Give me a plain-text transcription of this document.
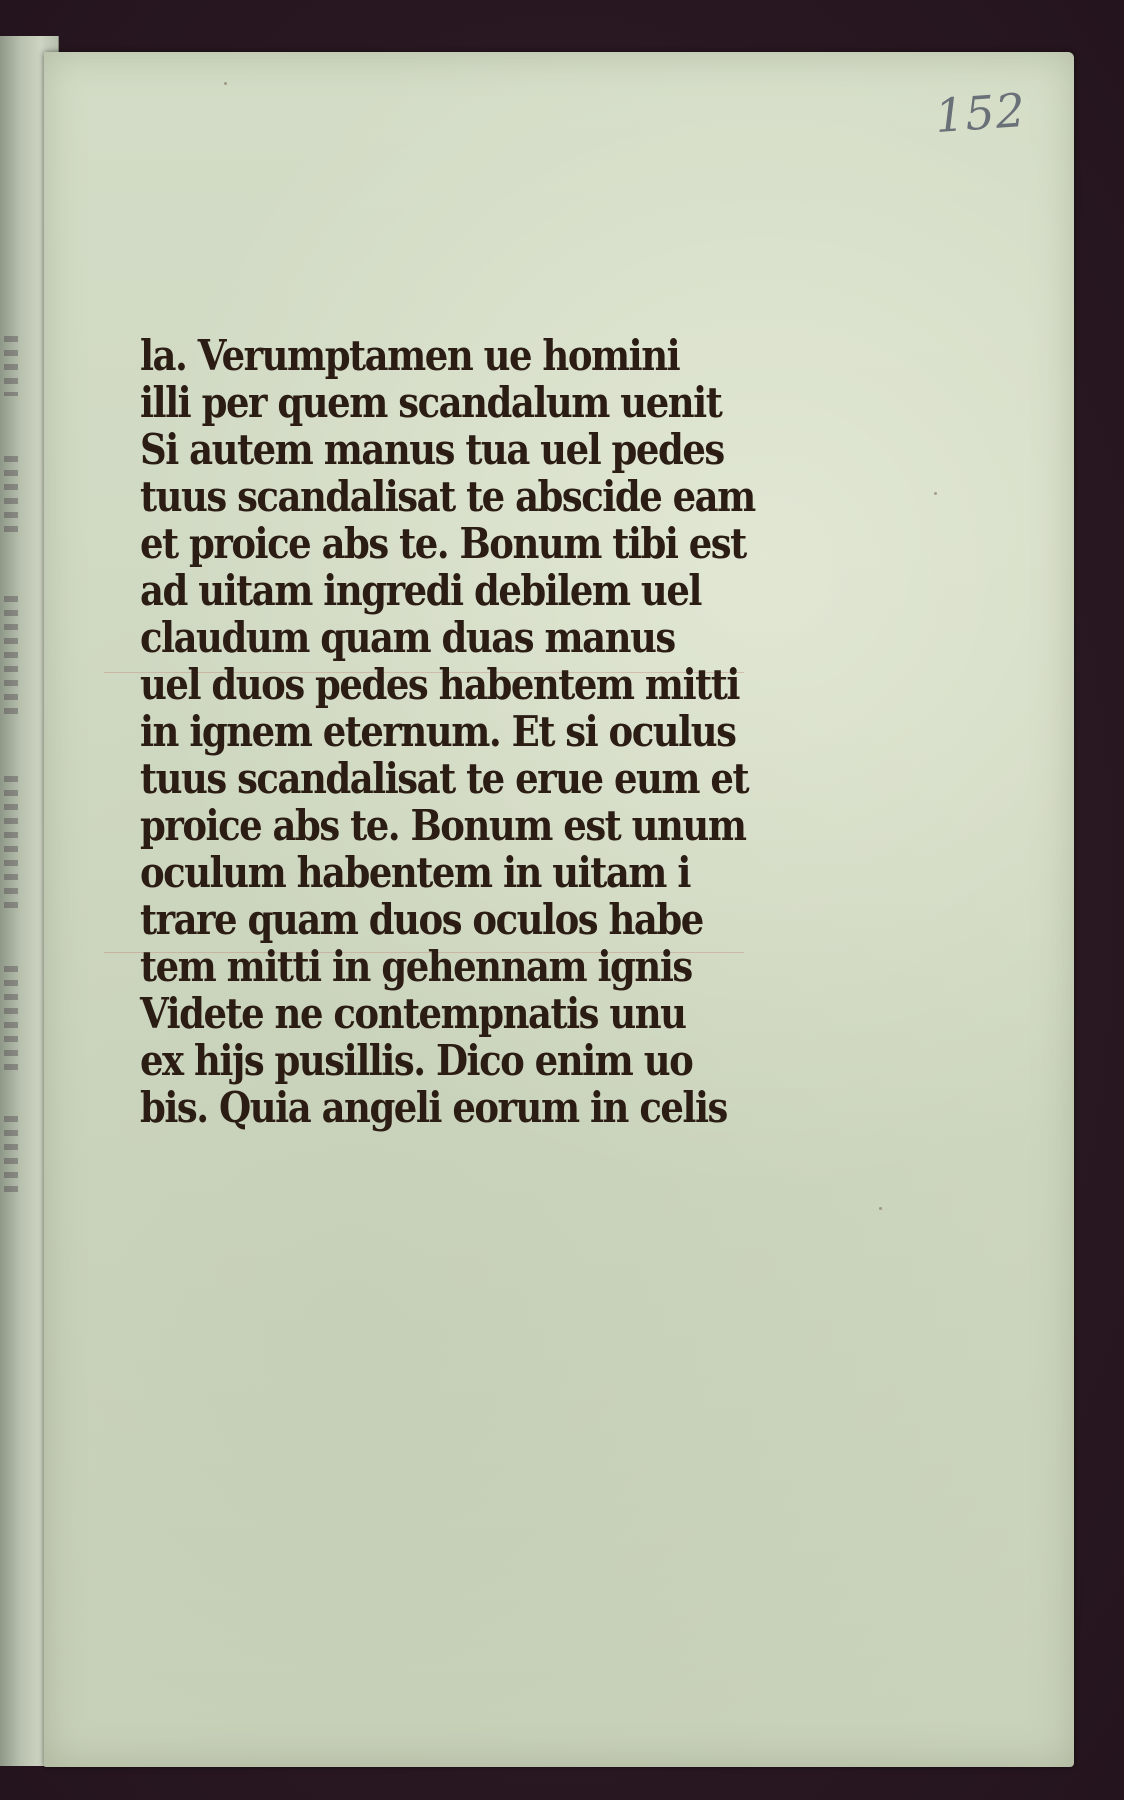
152
la. Verumptamen ue homini
illi per quem scandalum uenit
Si autem manus tua uel pedes
tuus scandalisat te abscide eam
et proice abs te. Bonum tibi est
ad uitam ingredi debilem uel
claudum quam duas manus
uel duos pedes habentem mitti
in ignem eternum. Et si oculus
tuus scandalisat te erue eum et
proice abs te. Bonum est unum
oculum habentem in uitam i
trare quam duos oculos habe
tem mitti in gehennam ignis
Videte ne contempnatis unu
ex hijs pusillis. Dico enim uo
bis. Quia angeli eorum in celis
